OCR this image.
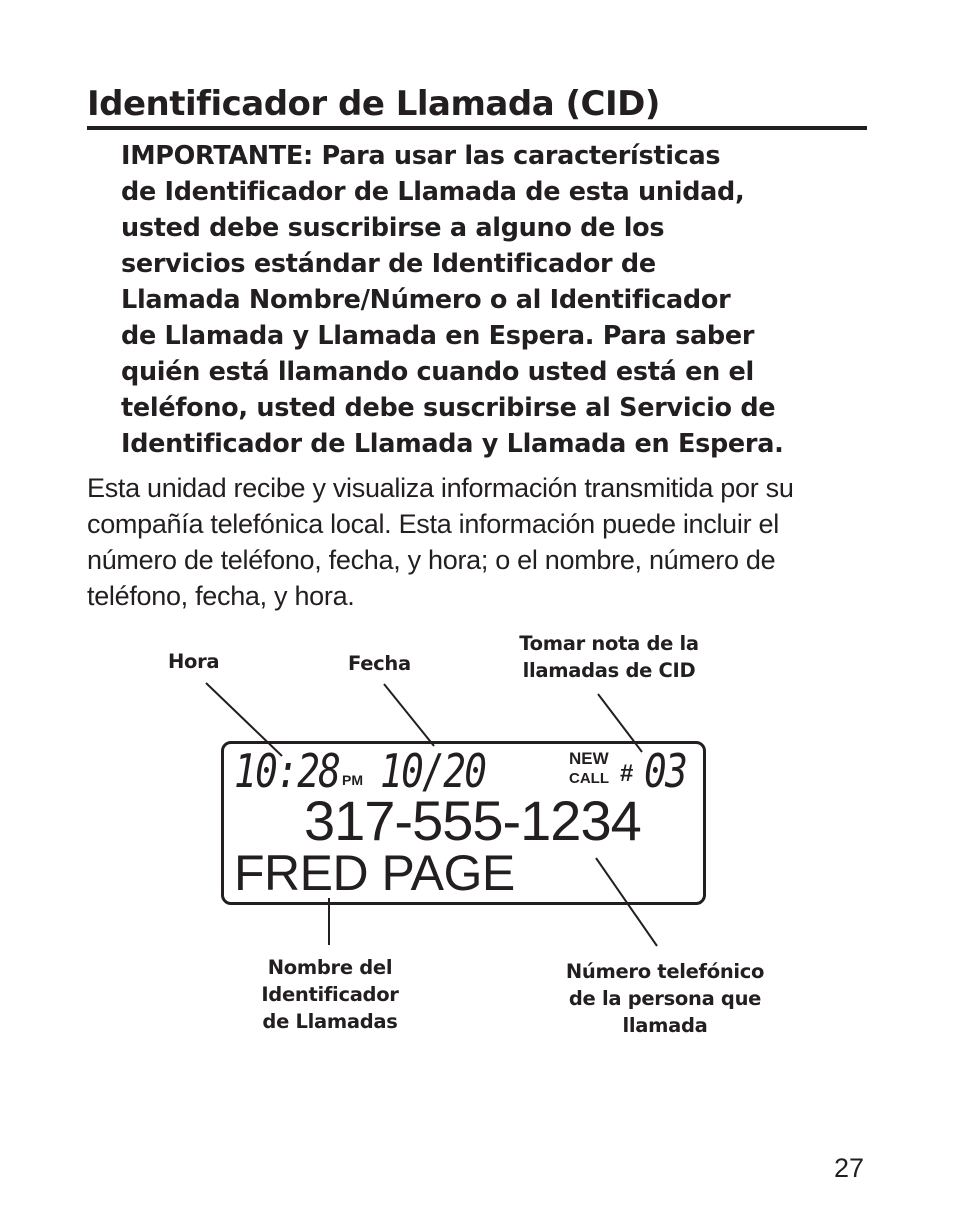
Identificador de Llamada (CID)
IMPORTANTE: Para usar las características
de Identificador de Llamada de esta unidad,
usted debe suscribirse a alguno de los
servicios estándar de Identificador de
Llamada Nombre/Número o al Identificador
de Llamada y Llamada en Espera. Para saber
quién está llamando cuando usted está en el
teléfono, usted debe suscribirse al Servicio de
Identificador de Llamada y Llamada en Espera.
Esta unidad recibe y visualiza información transmitida por su
compañía telefónica local. Esta información puede incluir el
número de teléfono, fecha, y hora; o el nombre, número de
teléfono, fecha, y hora.
Hora	Fecha
Tomar nota de la
llamadas de CID
Nombre del
Identificador
de Llamadas
Número telefónico
de la persona que
llamada
10:28 PM 10/20	NEW
CALL # 03
317-555-1234
FRED PAGE
27
